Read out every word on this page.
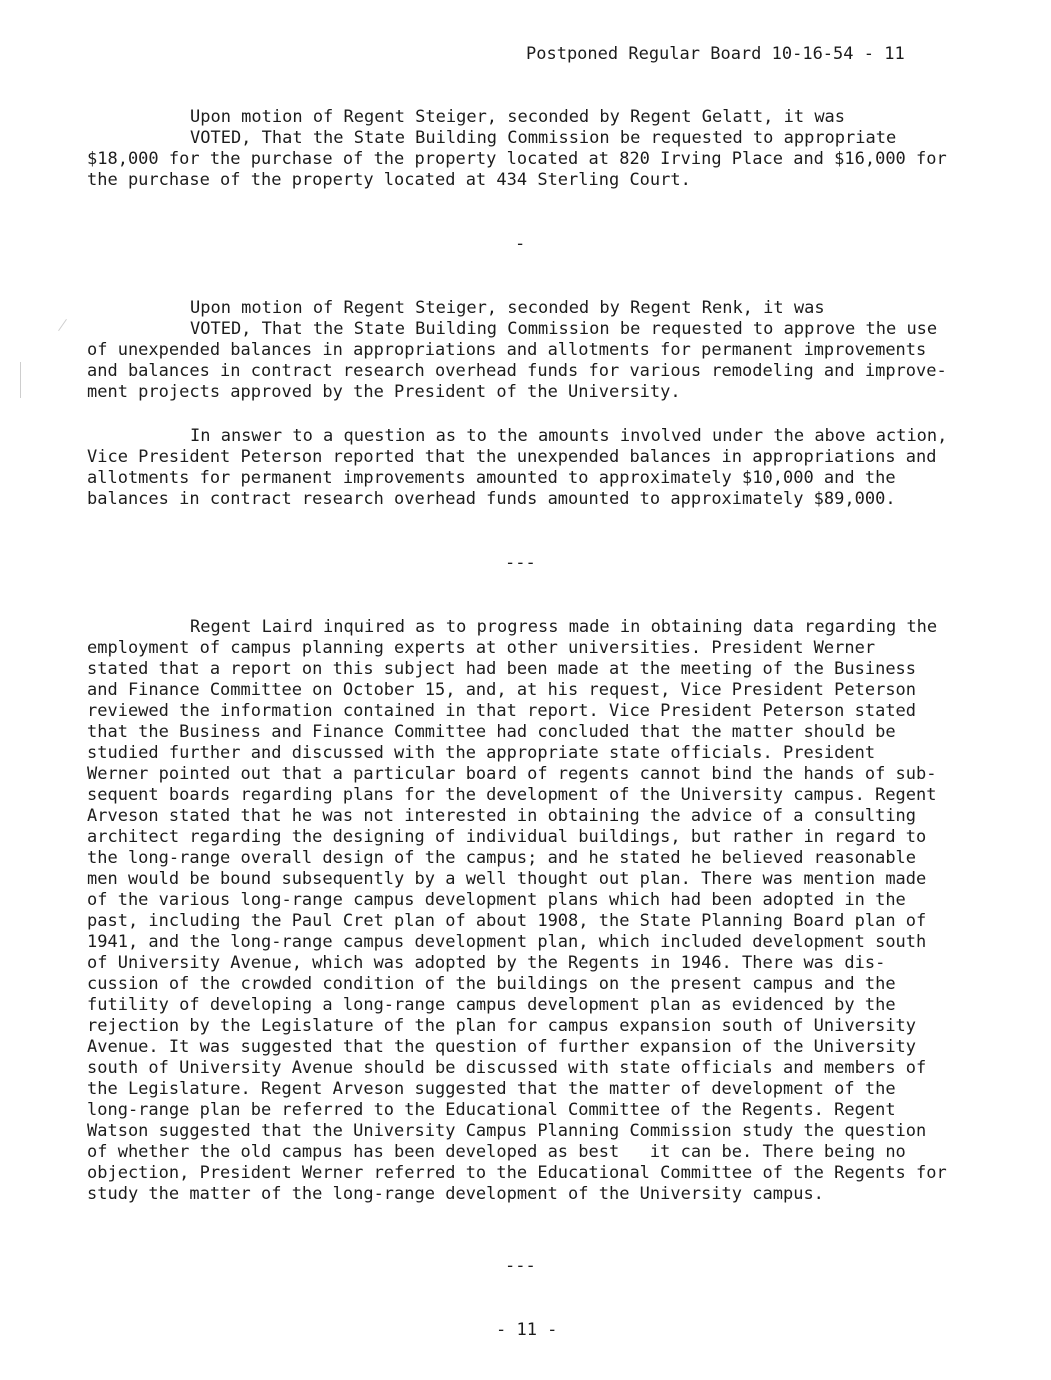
Postponed Regular Board 10-16-54 - 11
Upon motion of Regent Steiger, seconded by Regent Gelatt, it was
VOTED, That the State Building Commission be requested to appropriate
$18,000 for the purchase of the property located at 820 Irving Place and $16,000 for
the purchase of the property located at 434 Sterling Court.
-
Upon motion of Regent Steiger, seconded by Regent Renk, it was
VOTED, That the State Building Commission be requested to approve the use
of unexpended balances in appropriations and allotments for permanent improvements
and balances in contract research overhead funds for various remodeling and improve-
ment projects approved by the President of the University.
In answer to a question as to the amounts involved under the above action,
Vice President Peterson reported that the unexpended balances in appropriations and
allotments for permanent improvements amounted to approximately $10,000 and the
balances in contract research overhead funds amounted to approximately $89,000.
---
Regent Laird inquired as to progress made in obtaining data regarding the
employment of campus planning experts at other universities. President Werner
stated that a report on this subject had been made at the meeting of the Business
and Finance Committee on October 15, and, at his request, Vice President Peterson
reviewed the information contained in that report. Vice President Peterson stated
that the Business and Finance Committee had concluded that the matter should be
studied further and discussed with the appropriate state officials. President
Werner pointed out that a particular board of regents cannot bind the hands of sub-
sequent boards regarding plans for the development of the University campus. Regent
Arveson stated that he was not interested in obtaining the advice of a consulting
architect regarding the designing of individual buildings, but rather in regard to
the long-range overall design of the campus; and he stated he believed reasonable
men would be bound subsequently by a well thought out plan. There was mention made
of the various long-range campus development plans which had been adopted in the
past, including the Paul Cret plan of about 1908, the State Planning Board plan of
1941, and the long-range campus development plan, which included development south
of University Avenue, which was adopted by the Regents in 1946. There was dis-
cussion of the crowded condition of the buildings on the present campus and the
futility of developing a long-range campus development plan as evidenced by the
rejection by the Legislature of the plan for campus expansion south of University
Avenue. It was suggested that the question of further expansion of the University
south of University Avenue should be discussed with state officials and members of
the Legislature. Regent Arveson suggested that the matter of development of the
long-range plan be referred to the Educational Committee of the Regents. Regent
Watson suggested that the University Campus Planning Commission study the question
of whether the old campus has been developed as best   it can be. There being no
objection, President Werner referred to the Educational Committee of the Regents for
study the matter of the long-range development of the University campus.
---
- 11 -
